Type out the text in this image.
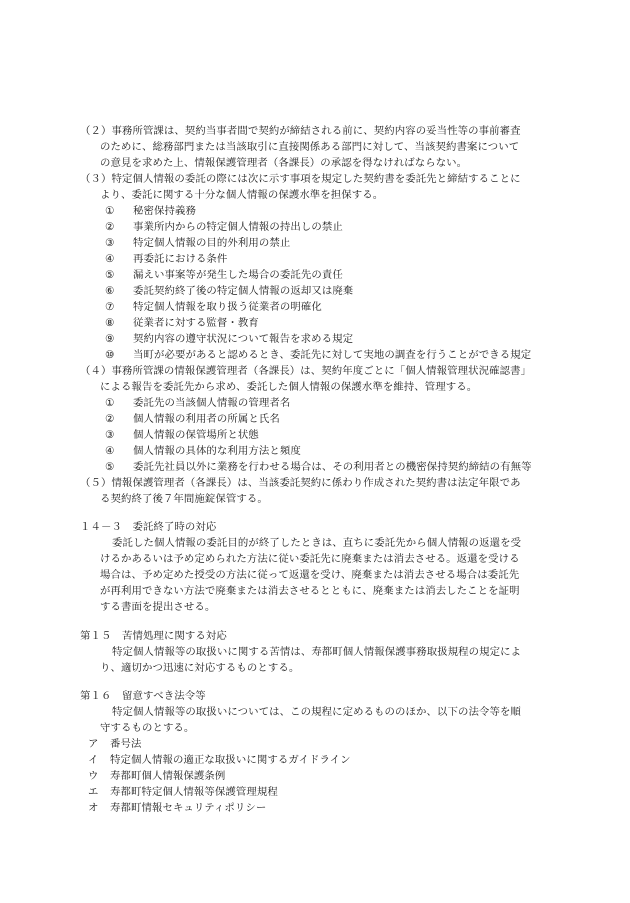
（２）事務所管課は、契約当事者間で契約が締結される前に、契約内容の妥当性等の事前審査
のために、総務部門または当該取引に直接関係ある部門に対して、当該契約書案について
の意見を求めた上、情報保護管理者（各課長）の承認を得なければならない。
（３）特定個人情報の委託の際には次に示す事項を規定した契約書を委託先と締結することに
より、委託に関する十分な個人情報の保護水準を担保する。
① 秘密保持義務
② 事業所内からの特定個人情報の持出しの禁止
③ 特定個人情報の目的外利用の禁止
④ 再委託における条件
⑤ 漏えい事案等が発生した場合の委託先の責任
⑥ 委託契約終了後の特定個人情報の返却又は廃棄
⑦ 特定個人情報を取り扱う従業者の明確化
⑧ 従業者に対する監督・教育
⑨ 契約内容の遵守状況について報告を求める規定
⑩ 当町が必要があると認めるとき、委託先に対して実地の調査を行うことができる規定
（４）事務所管課の情報保護管理者（各課長）は、契約年度ごとに「個人情報管理状況確認書」
による報告を委託先から求め、委託した個人情報の保護水準を維持、管理する。
① 委託先の当該個人情報の管理者名
② 個人情報の利用者の所属と氏名
③ 個人情報の保管場所と状態
④ 個人情報の具体的な利用方法と頻度
⑤ 委託先社員以外に業務を行わせる場合は、その利用者との機密保持契約締結の有無等
（５）情報保護管理者（各課長）は、当該委託契約に係わり作成された契約書は法定年限であ
る契約終了後７年間施錠保管する。
１４－３　委託終了時の対応
委託した個人情報の委託目的が終了したときは、直ちに委託先から個人情報の返還を受
けるかあるいは予め定められた方法に従い委託先に廃棄または消去させる。返還を受ける
場合は、予め定めた授受の方法に従って返還を受け、廃棄または消去させる場合は委託先
が再利用できない方法で廃棄または消去させるとともに、廃棄または消去したことを証明
する書面を提出させる。
第１５　苦情処理に関する対応
特定個人情報等の取扱いに関する苦情は、寿都町個人情報保護事務取扱規程の規定によ
り、適切かつ迅速に対応するものとする。
第１６　留意すべき法令等
特定個人情報等の取扱いについては、この規程に定めるもののほか、以下の法令等を順
守するものとする。
ア 番号法
イ 特定個人情報の適正な取扱いに関するガイドライン
ウ 寿都町個人情報保護条例
エ 寿都町特定個人情報等保護管理規程
オ 寿都町情報セキュリティポリシー
